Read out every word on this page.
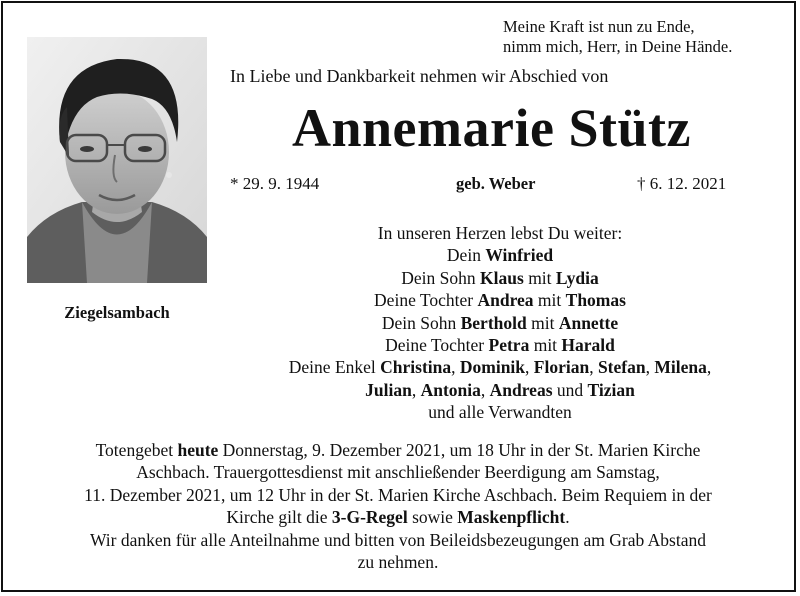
Meine Kraft ist nun zu Ende,
nimm mich, Herr, in Deine Hände.
Ziegelsambach
In Liebe und Dankbarkeit nehmen wir Abschied von
Annemarie Stütz
* 29. 9. 1944	geb. Weber	† 6. 12. 2021
In unseren Herzen lebst Du weiter:
Dein Winfried
Dein Sohn Klaus mit Lydia
Deine Tochter Andrea mit Thomas
Dein Sohn Berthold mit Annette
Deine Tochter Petra mit Harald
Deine Enkel Christina, Dominik, Florian, Stefan, Milena,
Julian, Antonia, Andreas und Tizian
und alle Verwandten
Totengebet heute Donnerstag, 9. Dezember 2021, um 18 Uhr in der St. Marien Kirche
Aschbach. Trauergottesdienst mit anschließender Beerdigung am Samstag,
11. Dezember 2021, um 12 Uhr in der St. Marien Kirche Aschbach. Beim Requiem in der
Kirche gilt die 3-G-Regel sowie Maskenpflicht.
Wir danken für alle Anteilnahme und bitten von Beileidsbezeugungen am Grab Abstand
zu nehmen.
